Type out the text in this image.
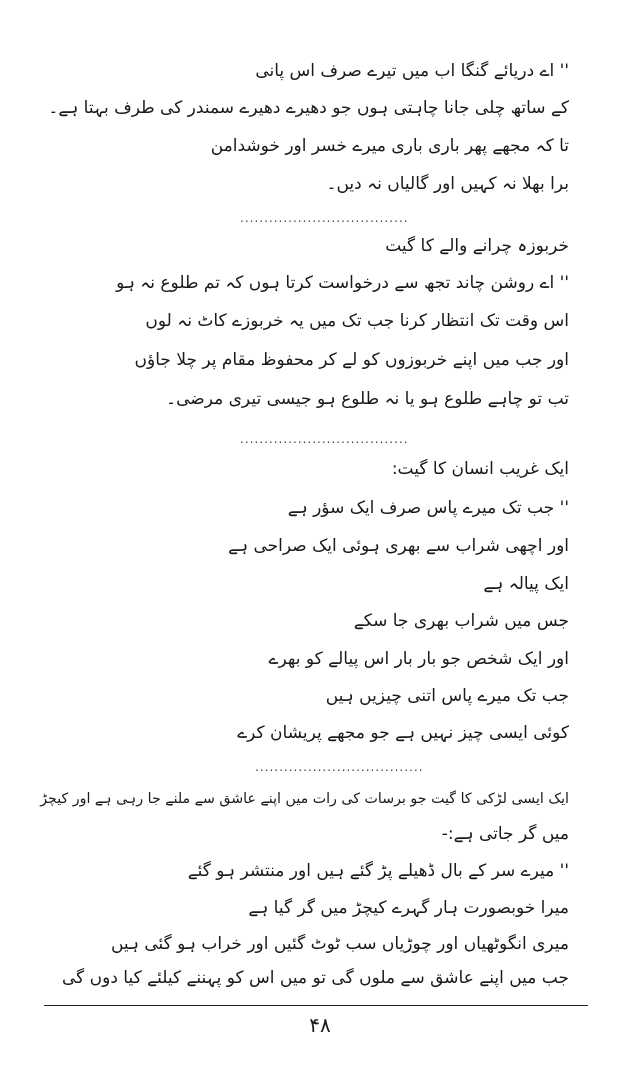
'' اے دریائے گنگا اب میں تیرے صرف اس پانی
کے ساتھ چلی جانا چاہتی ہوں جو دھیرے دھیرے سمندر کی طرف بہتا ہے۔
تا کہ مجھے پھر باری باری میرے خسر اور خوشدامن
برا بھلا نہ کہیں اور گالیاں نہ دیں۔
...................................
خربوزہ چرانے والے کا گیت
'' اے روشن چاند تجھ سے درخواست کرتا ہوں کہ تم طلوع نہ ہو
اس وقت تک انتظار کرنا جب تک میں یہ خربوزے کاٹ نہ لوں
اور جب میں اپنے خربوزوں کو لے کر محفوظ مقام پر چلا جاؤں
تب تو چاہے طلوع ہو یا نہ طلوع ہو جیسی تیری مرضی۔
...................................
ایک غریب انسان کا گیت:
'' جب تک میرے پاس صرف ایک سؤر ہے
اور اچھی شراب سے بھری ہوئی ایک صراحی ہے
ایک پیالہ ہے
جس میں شراب بھری جا سکے
اور ایک شخص جو بار بار اس پیالے کو بھرے
جب تک میرے پاس اتنی چیزیں ہیں
کوئی ایسی چیز نہیں ہے جو مجھے پریشان کرے
...................................
ایک ایسی لڑکی کا گیت جو برسات کی رات میں اپنے عاشق سے ملنے جا رہی ہے اور کیچڑ
میں گر جاتی ہے:-
'' میرے سر کے بال ڈھیلے پڑ گئے ہیں اور منتشر ہو گئے
میرا خوبصورت ہار گہرے کیچڑ میں گر گیا ہے
میری انگوٹھیاں اور چوڑیاں سب ٹوٹ گئیں اور خراب ہو گئی ہیں
جب میں اپنے عاشق سے ملوں گی تو میں اس کو پہننے کیلئے کیا دوں گی
۴۸
